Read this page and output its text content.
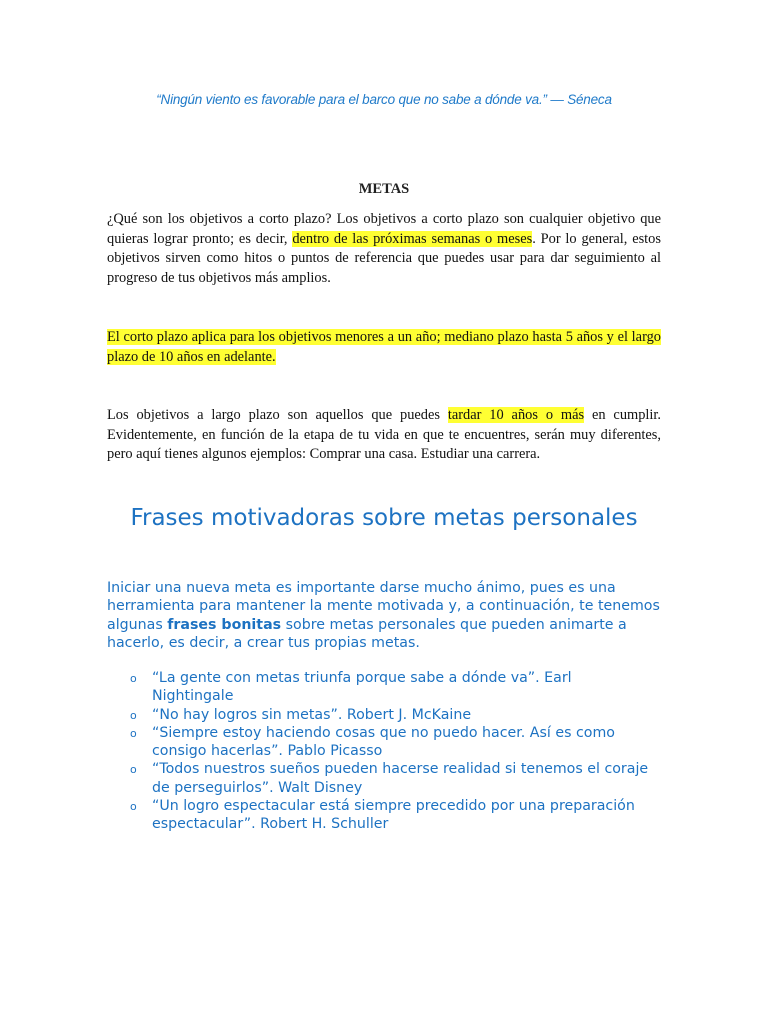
“Ningún viento es favorable para el barco que no sabe a dónde va.” — Séneca
METAS

¿Qué son los objetivos a corto plazo? Los objetivos a corto plazo son cualquier objetivo que quieras lograr pronto; es decir, dentro de las próximas semanas o meses. Por lo general, estos objetivos sirven como hitos o puntos de referencia que puedes usar para dar seguimiento al progreso de tus objetivos más amplios.

El corto plazo aplica para los objetivos menores a un año; mediano plazo hasta 5 años y el largo plazo de 10 años en adelante.

Los objetivos a largo plazo son aquellos que puedes tardar 10 años o más en cumplir. Evidentemente, en función de la etapa de tu vida en que te encuentres, serán muy diferentes, pero aquí tienes algunos ejemplos: Comprar una casa. Estudiar una carrera.

Frases motivadoras sobre metas personales

Iniciar una nueva meta es importante darse mucho ánimo, pues es una herramienta para mantener la mente motivada y, a continuación, te tenemos algunas frases bonitas sobre metas personales que pueden animarte a hacerlo, es decir, a crear tus propias metas.

o “La gente con metas triunfa porque sabe a dónde va”. Earl Nightingale
o “No hay logros sin metas”. Robert J. McKaine
o “Siempre estoy haciendo cosas que no puedo hacer. Así es como consigo hacerlas”. Pablo Picasso
o “Todos nuestros sueños pueden hacerse realidad si tenemos el coraje de perseguirlos”. Walt Disney
o “Un logro espectacular está siempre precedido por una preparación espectacular”. Robert H. Schuller
